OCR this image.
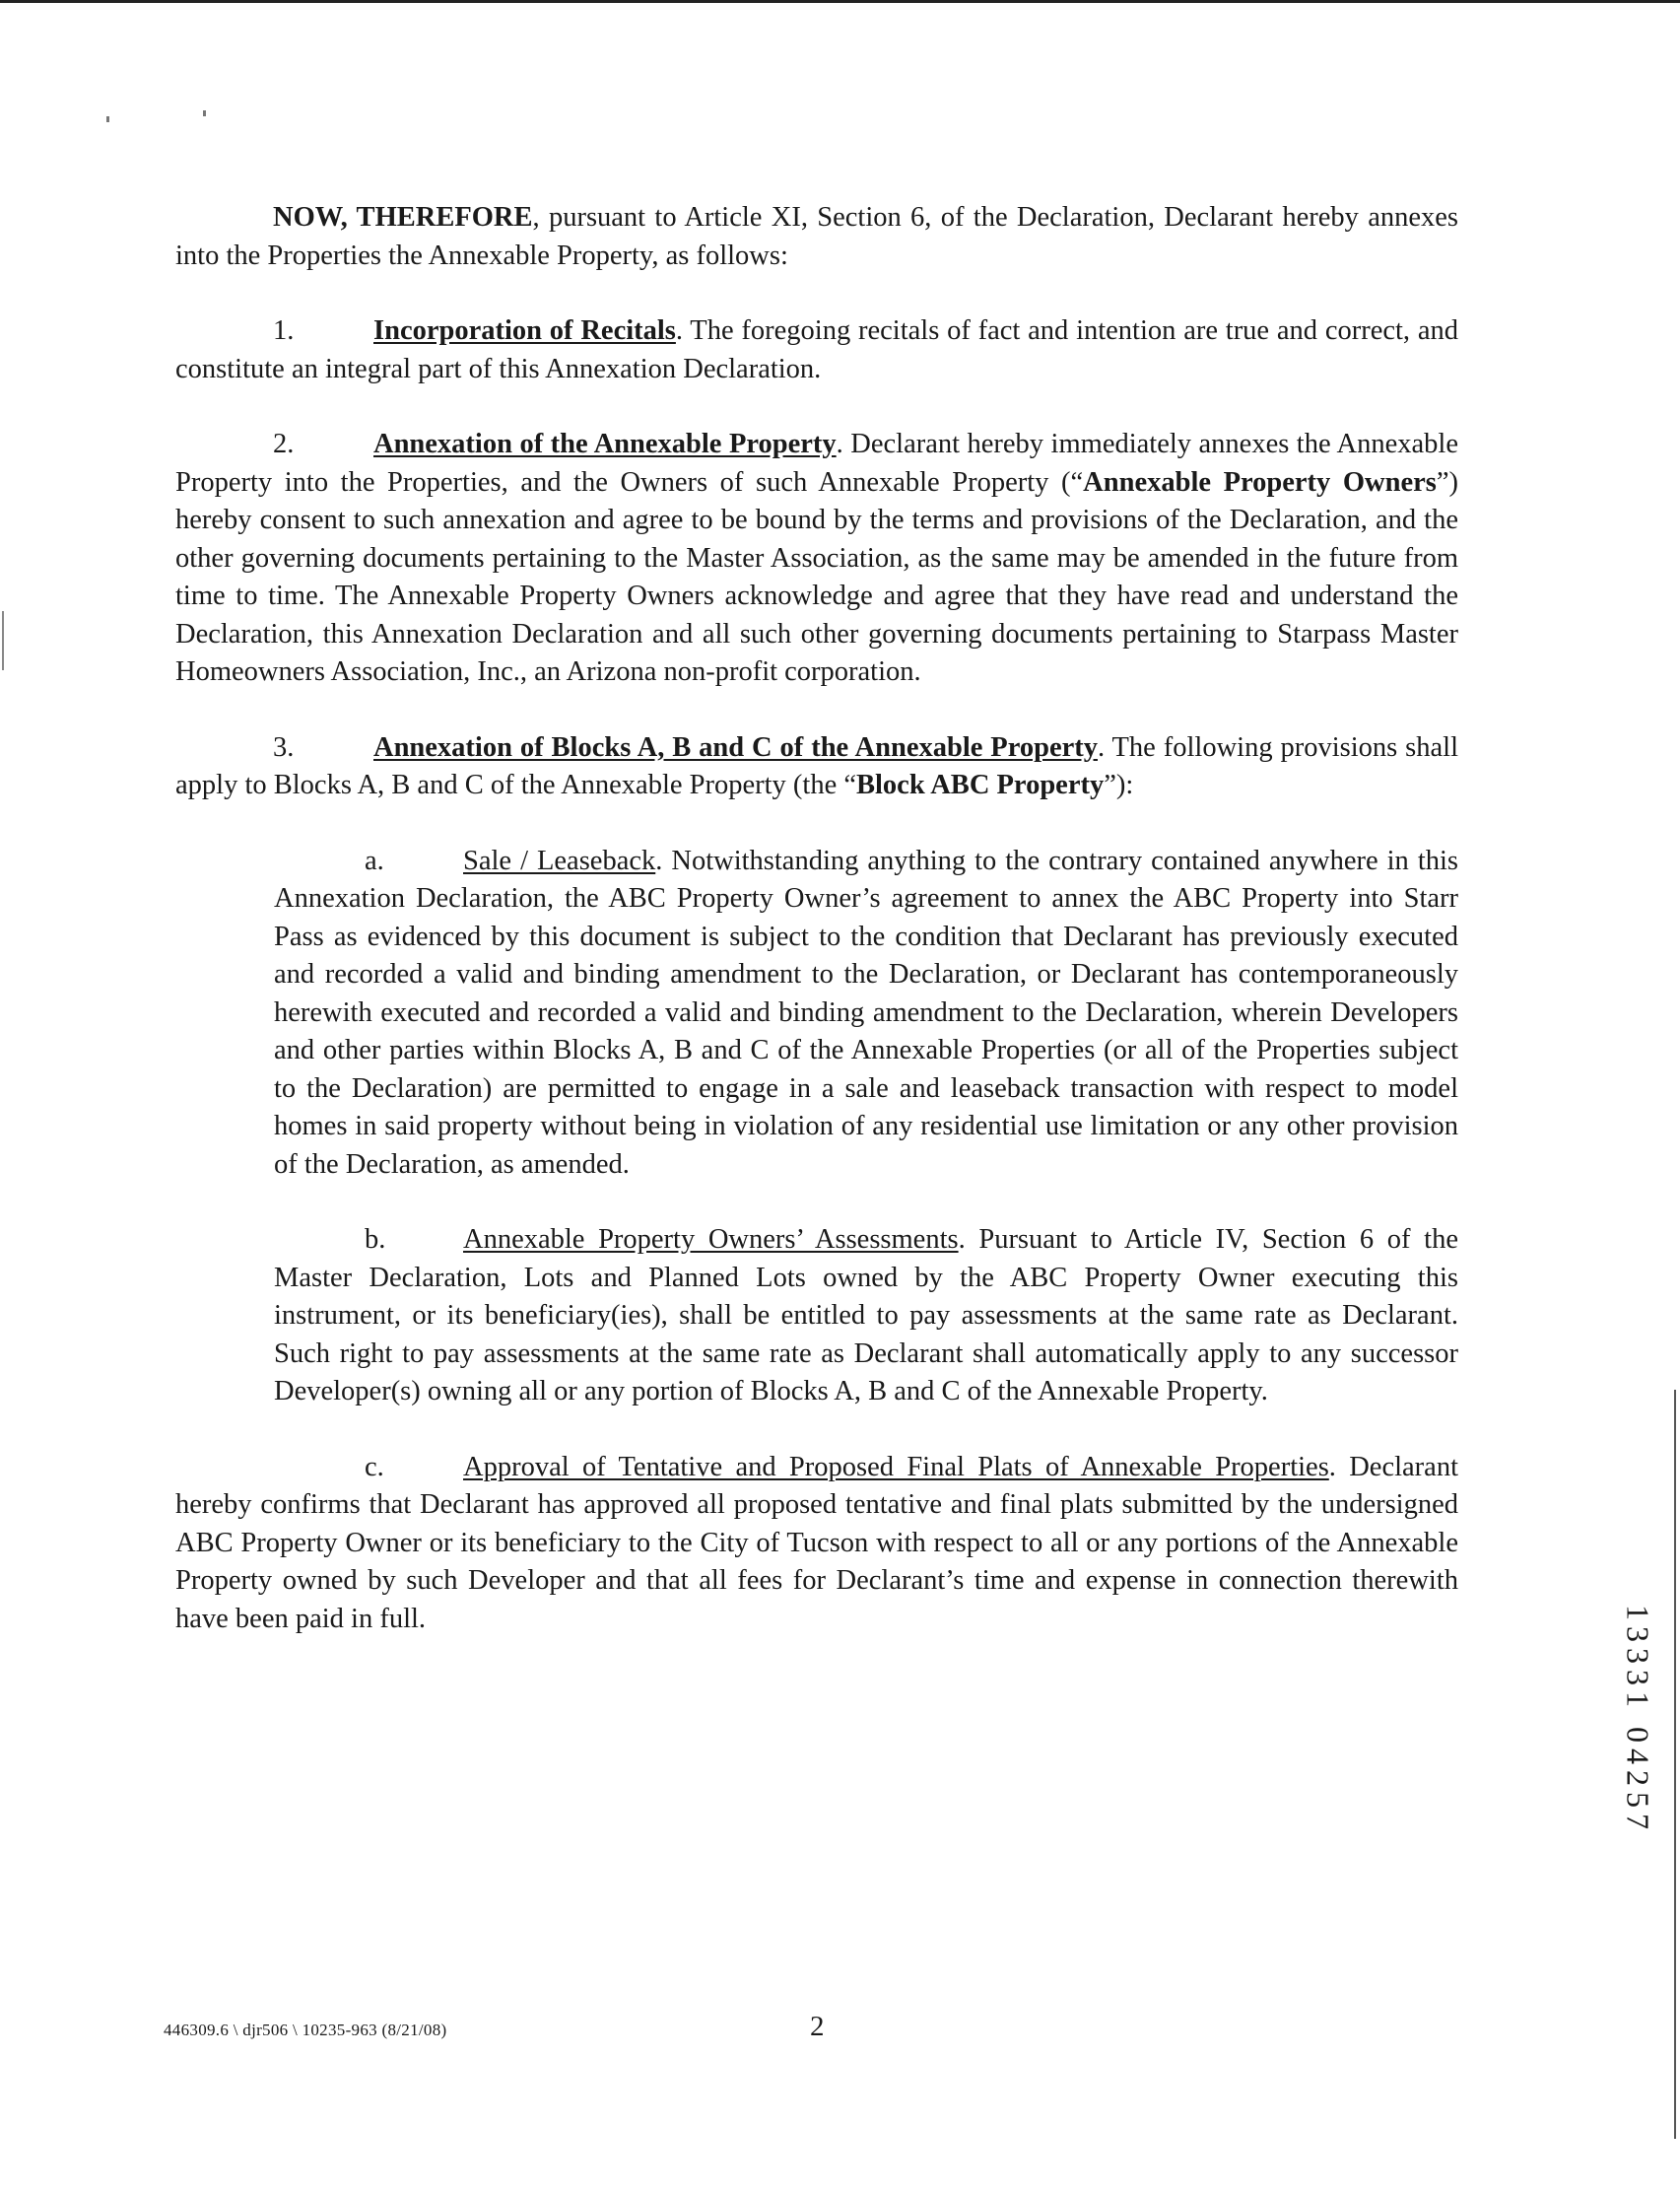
NOW, THEREFORE, pursuant to Article XI, Section 6, of the Declaration, Declarant hereby annexes into the Properties the Annexable Property, as follows:

1.	Incorporation of Recitals. The foregoing recitals of fact and intention are true and correct, and constitute an integral part of this Annexation Declaration.

2.	Annexation of the Annexable Property. Declarant hereby immediately annexes the Annexable Property into the Properties, and the Owners of such Annexable Property (“Annexable Property Owners”) hereby consent to such annexation and agree to be bound by the terms and provisions of the Declaration, and the other governing documents pertaining to the Master Association, as the same may be amended in the future from time to time. The Annexable Property Owners acknowledge and agree that they have read and understand the Declaration, this Annexation Declaration and all such other governing documents pertaining to Starpass Master Homeowners Association, Inc., an Arizona non-profit corporation.

3.	Annexation of Blocks A, B and C of the Annexable Property. The following provisions shall apply to Blocks A, B and C of the Annexable Property (the “Block ABC Property”):

a.	Sale / Leaseback. Notwithstanding anything to the contrary contained anywhere in this Annexation Declaration, the ABC Property Owner’s agreement to annex the ABC Property into Starr Pass as evidenced by this document is subject to the condition that Declarant has previously executed and recorded a valid and binding amendment to the Declaration, or Declarant has contemporaneously herewith executed and recorded a valid and binding amendment to the Declaration, wherein Developers and other parties within Blocks A, B and C of the Annexable Properties (or all of the Properties subject to the Declaration) are permitted to engage in a sale and leaseback transaction with respect to model homes in said property without being in violation of any residential use limitation or any other provision of the Declaration, as amended.

b.	Annexable Property Owners’ Assessments. Pursuant to Article IV, Section 6 of the Master Declaration, Lots and Planned Lots owned by the ABC Property Owner executing this instrument, or its beneficiary(ies), shall be entitled to pay assessments at the same rate as Declarant. Such right to pay assessments at the same rate as Declarant shall automatically apply to any successor Developer(s) owning all or any portion of Blocks A, B and C of the Annexable Property.

c.	Approval of Tentative and Proposed Final Plats of Annexable Properties. Declarant hereby confirms that Declarant has approved all proposed tentative and final plats submitted by the undersigned ABC Property Owner or its beneficiary to the City of Tucson with respect to all or any portions of the Annexable Property owned by such Developer and that all fees for Declarant’s time and expense in connection therewith have been paid in full.

446309.6 \ djr506 \ 10235-963 (8/21/08)	2
13331 04257
